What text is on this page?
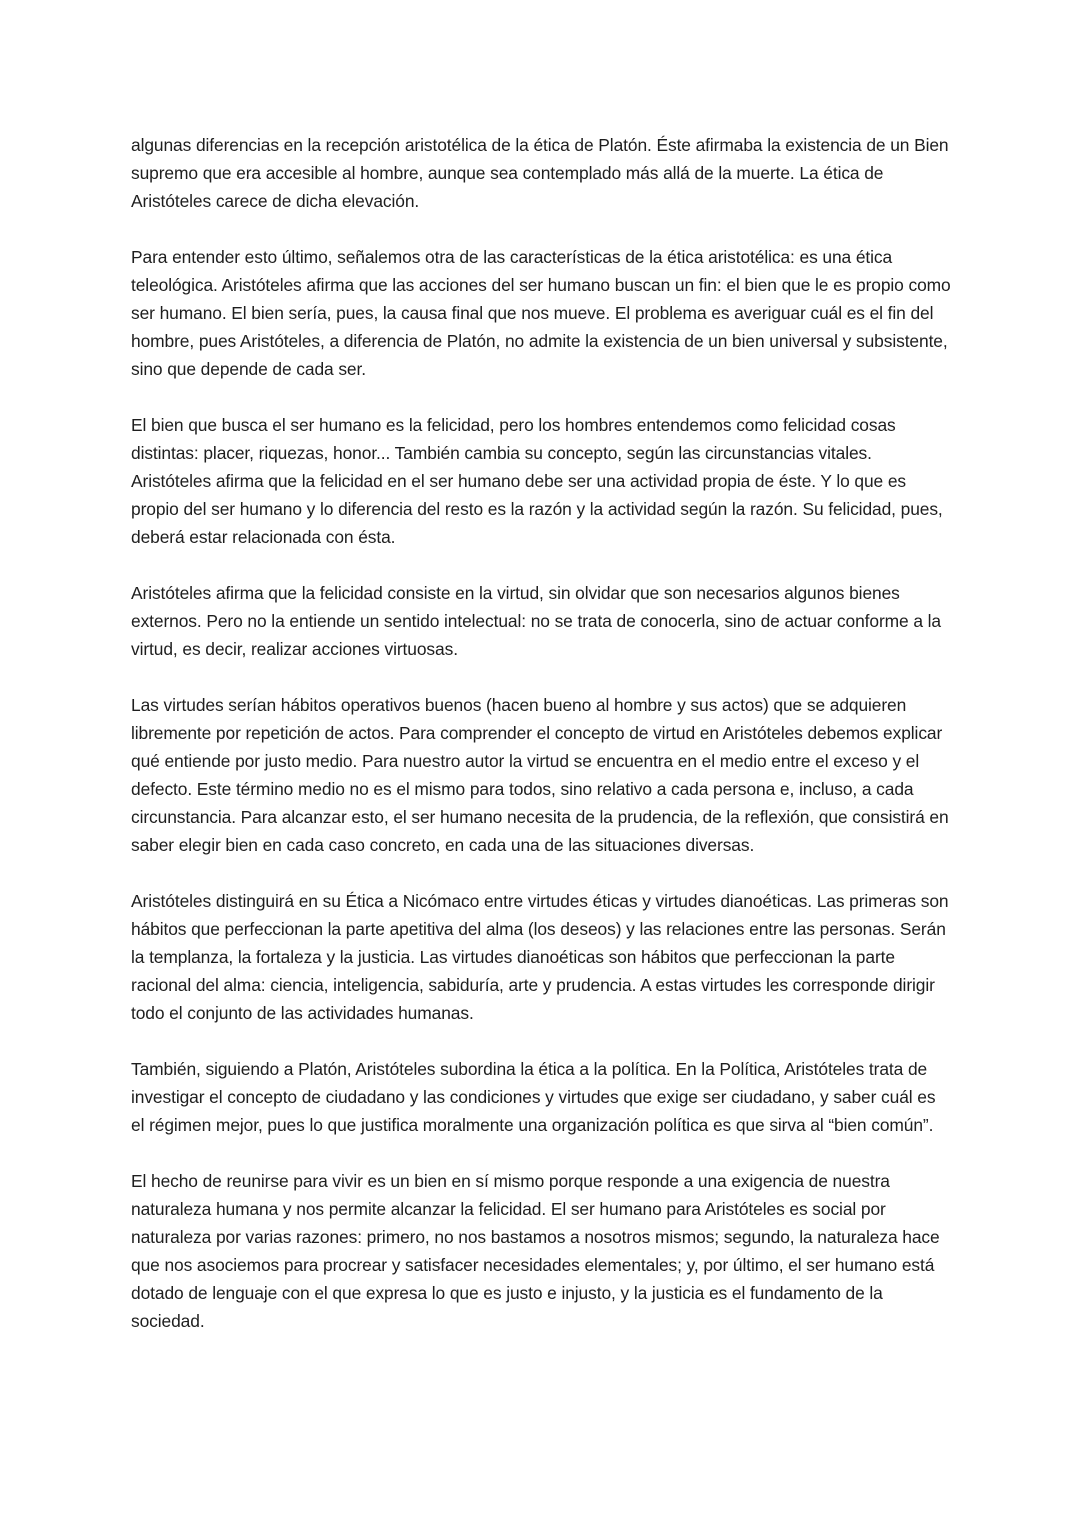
algunas diferencias en la recepción aristotélica de la ética de Platón. Éste afirmaba la existencia de un Bien supremo que era accesible al hombre, aunque sea contemplado más allá de la muerte. La ética de Aristóteles carece de dicha elevación.

Para entender esto último, señalemos otra de las características de la ética aristotélica: es una ética teleológica. Aristóteles afirma que las acciones del ser humano buscan un fin: el bien que le es propio como ser humano. El bien sería, pues, la causa final que nos mueve. El problema es averiguar cuál es el fin del hombre, pues Aristóteles, a diferencia de Platón, no admite la existencia de un bien universal y subsistente, sino que depende de cada ser.

El bien que busca el ser humano es la felicidad, pero los hombres entendemos como felicidad cosas distintas: placer, riquezas, honor... También cambia su concepto, según las circunstancias vitales. Aristóteles afirma que la felicidad en el ser humano debe ser una actividad propia de éste. Y lo que es propio del ser humano y lo diferencia del resto es la razón y la actividad según la razón. Su felicidad, pues, deberá estar relacionada con ésta.

Aristóteles afirma que la felicidad consiste en la virtud, sin olvidar que son necesarios algunos bienes externos. Pero no la entiende un sentido intelectual: no se trata de conocerla, sino de actuar conforme a la virtud, es decir, realizar acciones virtuosas.

Las virtudes serían hábitos operativos buenos (hacen bueno al hombre y sus actos) que se adquieren libremente por repetición de actos. Para comprender el concepto de virtud en Aristóteles debemos explicar qué entiende por justo medio. Para nuestro autor la virtud se encuentra en el medio entre el exceso y el defecto. Este término medio no es el mismo para todos, sino relativo a cada persona e, incluso, a cada circunstancia. Para alcanzar esto, el ser humano necesita de la prudencia, de la reflexión, que consistirá en saber elegir bien en cada caso concreto, en cada una de las situaciones diversas.

Aristóteles distinguirá en su Ética a Nicómaco entre virtudes éticas y virtudes dianoéticas. Las primeras son hábitos que perfeccionan la parte apetitiva del alma (los deseos) y las relaciones entre las personas. Serán la templanza, la fortaleza y la justicia. Las virtudes dianoéticas son hábitos que perfeccionan la parte racional del alma: ciencia, inteligencia, sabiduría, arte y prudencia. A estas virtudes les corresponde dirigir todo el conjunto de las actividades humanas.

También, siguiendo a Platón, Aristóteles subordina la ética a la política. En la Política, Aristóteles trata de investigar el concepto de ciudadano y las condiciones y virtudes que exige ser ciudadano, y saber cuál es el régimen mejor, pues lo que justifica moralmente una organización política es que sirva al “bien común”.

El hecho de reunirse para vivir es un bien en sí mismo porque responde a una exigencia de nuestra naturaleza humana y nos permite alcanzar la felicidad. El ser humano para Aristóteles es social por naturaleza por varias razones: primero, no nos bastamos a nosotros mismos; segundo, la naturaleza hace que nos asociemos para procrear y satisfacer necesidades elementales; y, por último, el ser humano está dotado de lenguaje con el que expresa lo que es justo e injusto, y la justicia es el fundamento de la sociedad.
